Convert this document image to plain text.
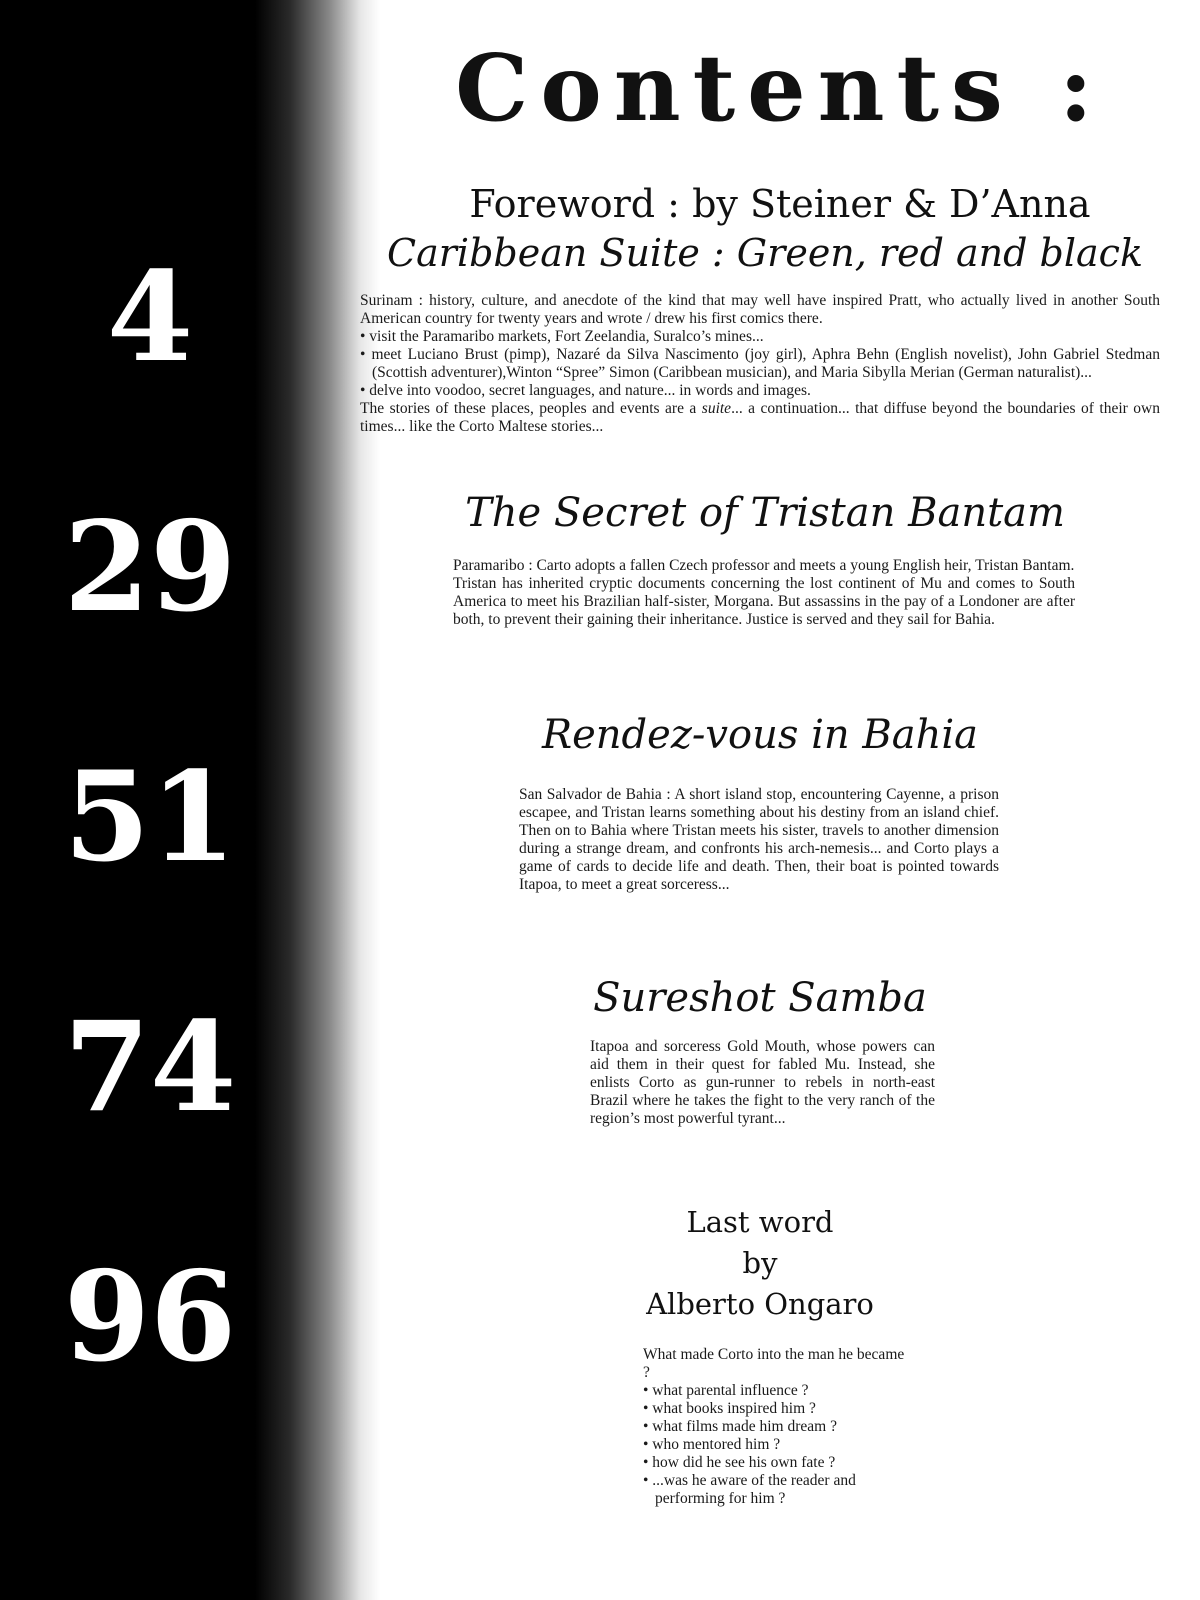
4
29
51
74
96
Contents :
Foreword : by Steiner & D’Anna
Caribbean Suite : Green, red and black

Surinam : history, culture, and anecdote of the kind that may well have inspired Pratt, who actually lived in another South American country for twenty years and wrote / drew his first comics there.

• visit the Paramaribo markets, Fort Zeelandia, Suralco’s mines...

• meet Luciano Brust (pimp), Nazaré da Silva Nascimento (joy girl), Aphra Behn (English novelist), John Gabriel Stedman (Scottish adventurer),Winton “Spree” Simon (Caribbean musician), and Maria Sibylla Merian (German naturalist)...

• delve into voodoo, secret languages, and nature... in words and images.

The stories of these places, peoples and events are a suite... a continuation... that diffuse beyond the boundaries of their own times... like the Corto Maltese stories...

The Secret of Tristan Bantam

Paramaribo : Carto adopts a fallen Czech professor and meets a young English heir, Tristan Bantam.

Tristan has inherited cryptic documents concerning the lost continent of Mu and comes to South America to meet his Brazilian half-sister, Morgana. But assassins in the pay of a Londoner are after both, to prevent their gaining their inheritance. Justice is served and they sail for Bahia.

Rendez-vous in Bahia
San Salvador de Bahia : A short island stop, encountering Cayenne, a prison escapee, and Tristan learns something about his destiny from an island chief. Then on to Bahia where Tristan meets his sister, travels to another dimension during a strange dream, and confronts his arch-nemesis... and Corto plays a game of cards to decide life and death. Then, their boat is pointed towards Itapoa, to meet a great sorceress...
Sureshot Samba
Itapoa and sorceress Gold Mouth, whose powers can aid them in their quest for fabled Mu. Instead, she enlists Corto as gun-runner to rebels in north-east Brazil where he takes the fight to the very ranch of the region’s most powerful tyrant...
Last word
by
Alberto Ongaro

What made Corto into the man he became ?

• what parental influence ?

• what books inspired him ?

• what films made him dream ?

• who mentored him ?

• how did he see his own fate ?

• ...was he aware of the reader and performing for him ?
